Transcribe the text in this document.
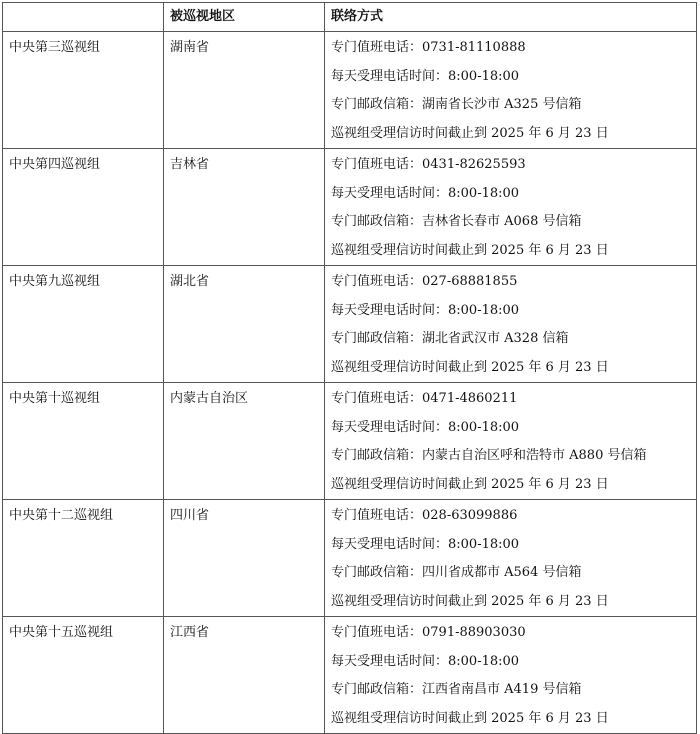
	被巡视地区	联络方式
中央第三巡视组	湖南省	专门值班电话：0731-81110888
每天受理电话时间：8:00-18:00
专门邮政信箱：湖南省长沙市 A325 号信箱
巡视组受理信访时间截止到 2025 年 6 月 23 日

中央第四巡视组	吉林省	专门值班电话：0431-82625593
每天受理电话时间：8:00-18:00
专门邮政信箱：吉林省长春市 A068 号信箱
巡视组受理信访时间截止到 2025 年 6 月 23 日

中央第九巡视组	湖北省	专门值班电话：027-68881855
每天受理电话时间：8:00-18:00
专门邮政信箱：湖北省武汉市 A328 信箱
巡视组受理信访时间截止到 2025 年 6 月 23 日

中央第十巡视组	内蒙古自治区	专门值班电话：0471-4860211
每天受理电话时间：8:00-18:00
专门邮政信箱：内蒙古自治区呼和浩特市 A880 号信箱
巡视组受理信访时间截止到 2025 年 6 月 23 日

中央第十二巡视组	四川省	专门值班电话：028-63099886
每天受理电话时间：8:00-18:00
专门邮政信箱：四川省成都市 A564 号信箱
巡视组受理信访时间截止到 2025 年 6 月 23 日

中央第十五巡视组	江西省	专门值班电话：0791-88903030
每天受理电话时间：8:00-18:00
专门邮政信箱：江西省南昌市 A419 号信箱
巡视组受理信访时间截止到 2025 年 6 月 23 日
